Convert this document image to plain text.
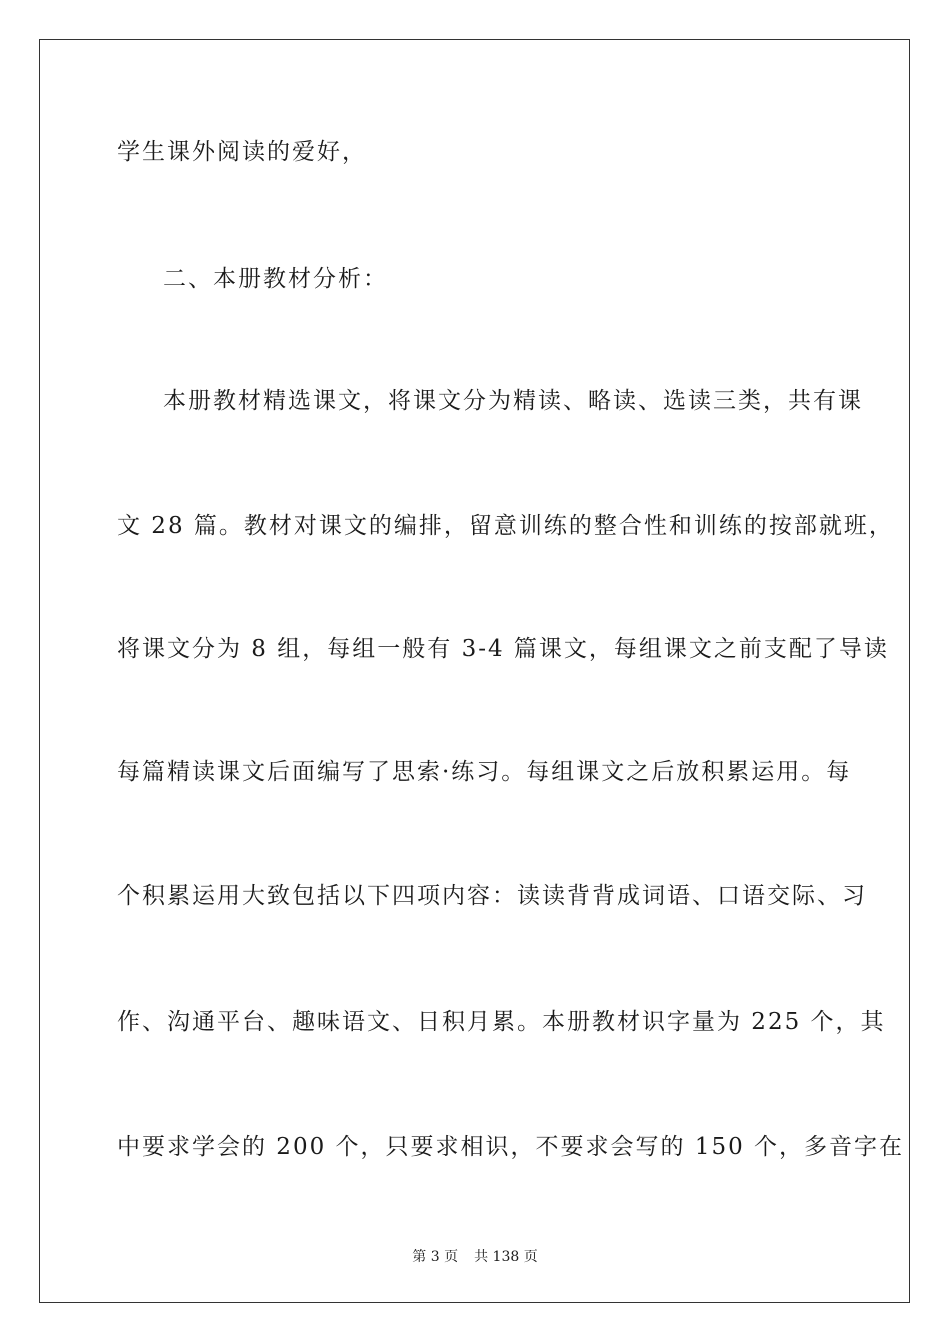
学生课外阅读的爱好，
二、本册教材分析：
本册教材精选课文，将课文分为精读、略读、选读三类，共有课
文 28 篇。教材对课文的编排，留意训练的整合性和训练的按部就班，
将课文分为 8 组，每组一般有 3-4 篇课文，每组课文之前支配了导读
每篇精读课文后面编写了思索·练习。每组课文之后放积累运用。每
个积累运用大致包括以下四项内容：读读背背成词语、口语交际、习
作、沟通平台、趣味语文、日积月累。本册教材识字量为 225 个，其
中要求学会的 200 个，只要求相识，不要求会写的 150 个，多音字在
第 3 页 共 138 页
